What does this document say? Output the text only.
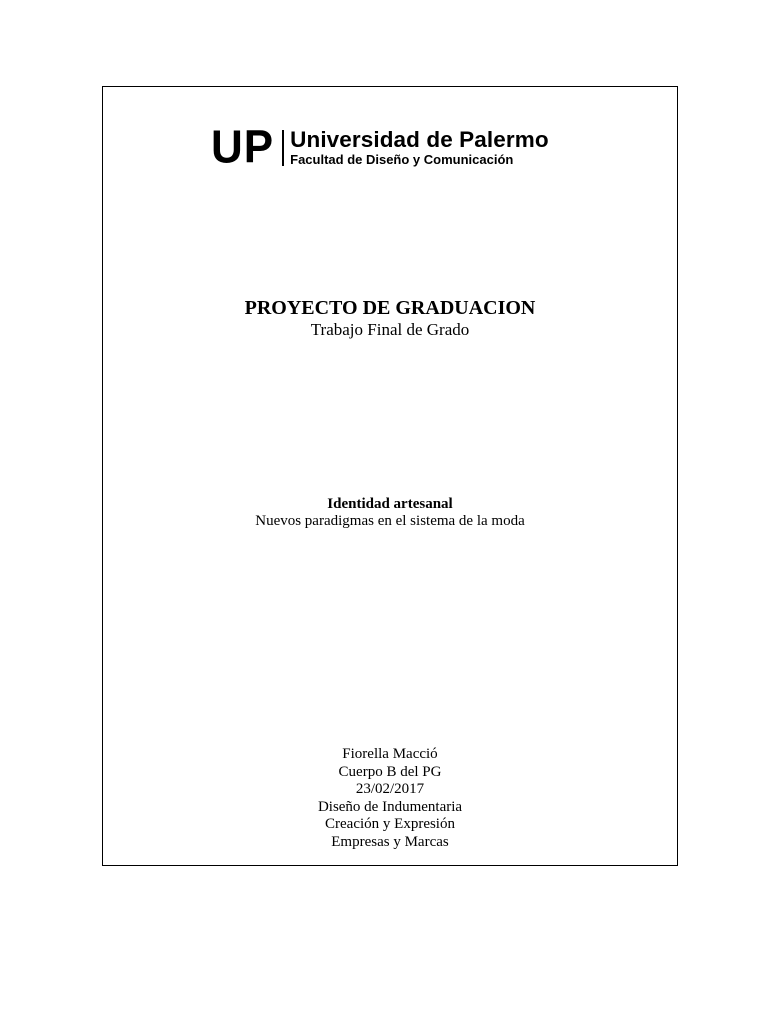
UP Universidad de Palermo
Facultad de Diseño y Comunicación
PROYECTO DE GRADUACION
Trabajo Final de Grado
Identidad artesanal
Nuevos paradigmas en el sistema de la moda
Fiorella Macció
Cuerpo B del PG
23/02/2017
Diseño de Indumentaria
Creación y Expresión
Empresas y Marcas
